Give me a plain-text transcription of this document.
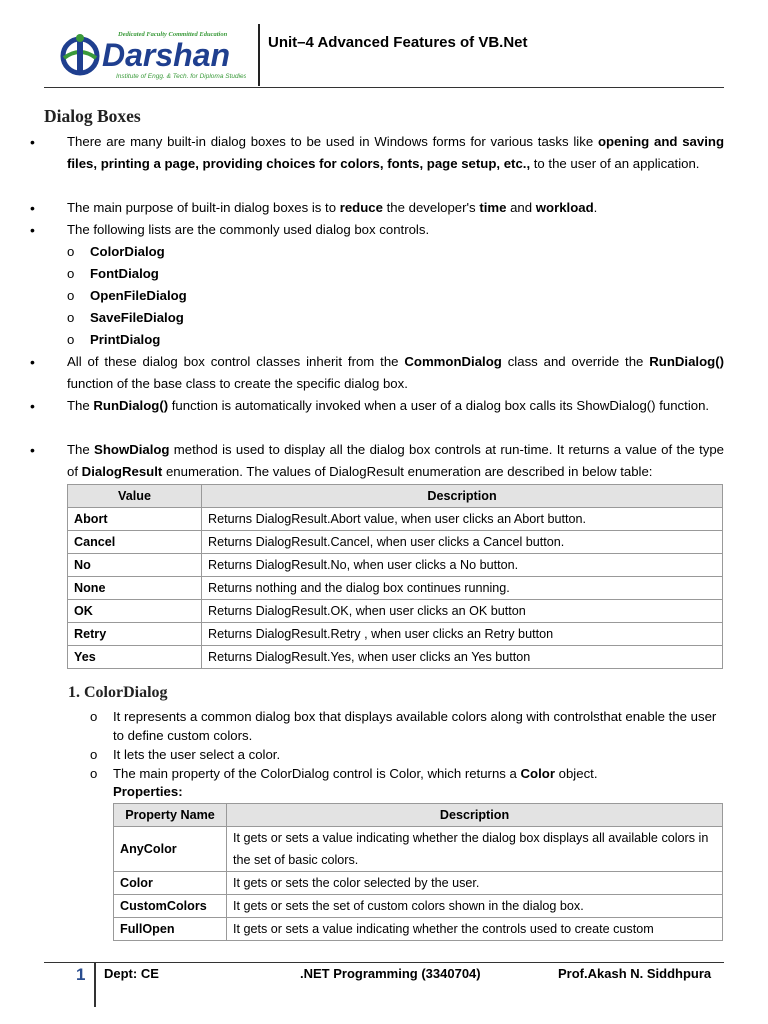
Dedicated Faculty Committed Education
Darshan
Institute of Engg. & Tech. for Diploma Studies
Unit–4 Advanced Features of VB.Net
Dialog Boxes
•	There are many built-in dialog boxes to be used in Windows forms for various tasks like opening and saving files, printing a page, providing choices for colors, fonts, page setup, etc., to the user of an application.
•	The main purpose of built-in dialog boxes is to reduce the developer's time and workload.
•	The following lists are the commonly used dialog box controls.
o ColorDialog
o FontDialog
o OpenFileDialog
o SaveFileDialog
o PrintDialog
•	All of these dialog box control classes inherit from the CommonDialog class and override the RunDialog() function of the base class to create the specific dialog box.
•	The RunDialog() function is automatically invoked when a user of a dialog box calls its ShowDialog() function.
•	The ShowDialog method is used to display all the dialog box controls at run-time. It returns a value of the type of DialogResult enumeration. The values of DialogResult enumeration are described in below table:
Value	Description
Abort	Returns DialogResult.Abort value, when user clicks an Abort button.
Cancel	Returns DialogResult.Cancel, when user clicks a Cancel button.
No	Returns DialogResult.No, when user clicks a No button.
None	Returns nothing and the dialog box continues running.
OK	Returns DialogResult.OK, when user clicks an OK button
Retry	Returns DialogResult.Retry , when user clicks an Retry button
Yes	Returns DialogResult.Yes, when user clicks an Yes button
1. ColorDialog
o It represents a common dialog box that displays available colors along with controlsthat enable the user to define custom colors.
o It lets the user select a color.
o The main property of the ColorDialog control is Color, which returns a Color object.
Properties:
Property Name	Description
AnyColor	It gets or sets a value indicating whether the dialog box displays all available colors in the set of basic colors.
Color	It gets or sets the color selected by the user.
CustomColors	It gets or sets the set of custom colors shown in the dialog box.
FullOpen	It gets or sets a value indicating whether the controls used to create custom
1 Dept: CE	.NET Programming (3340704)	Prof.Akash N. Siddhpura
